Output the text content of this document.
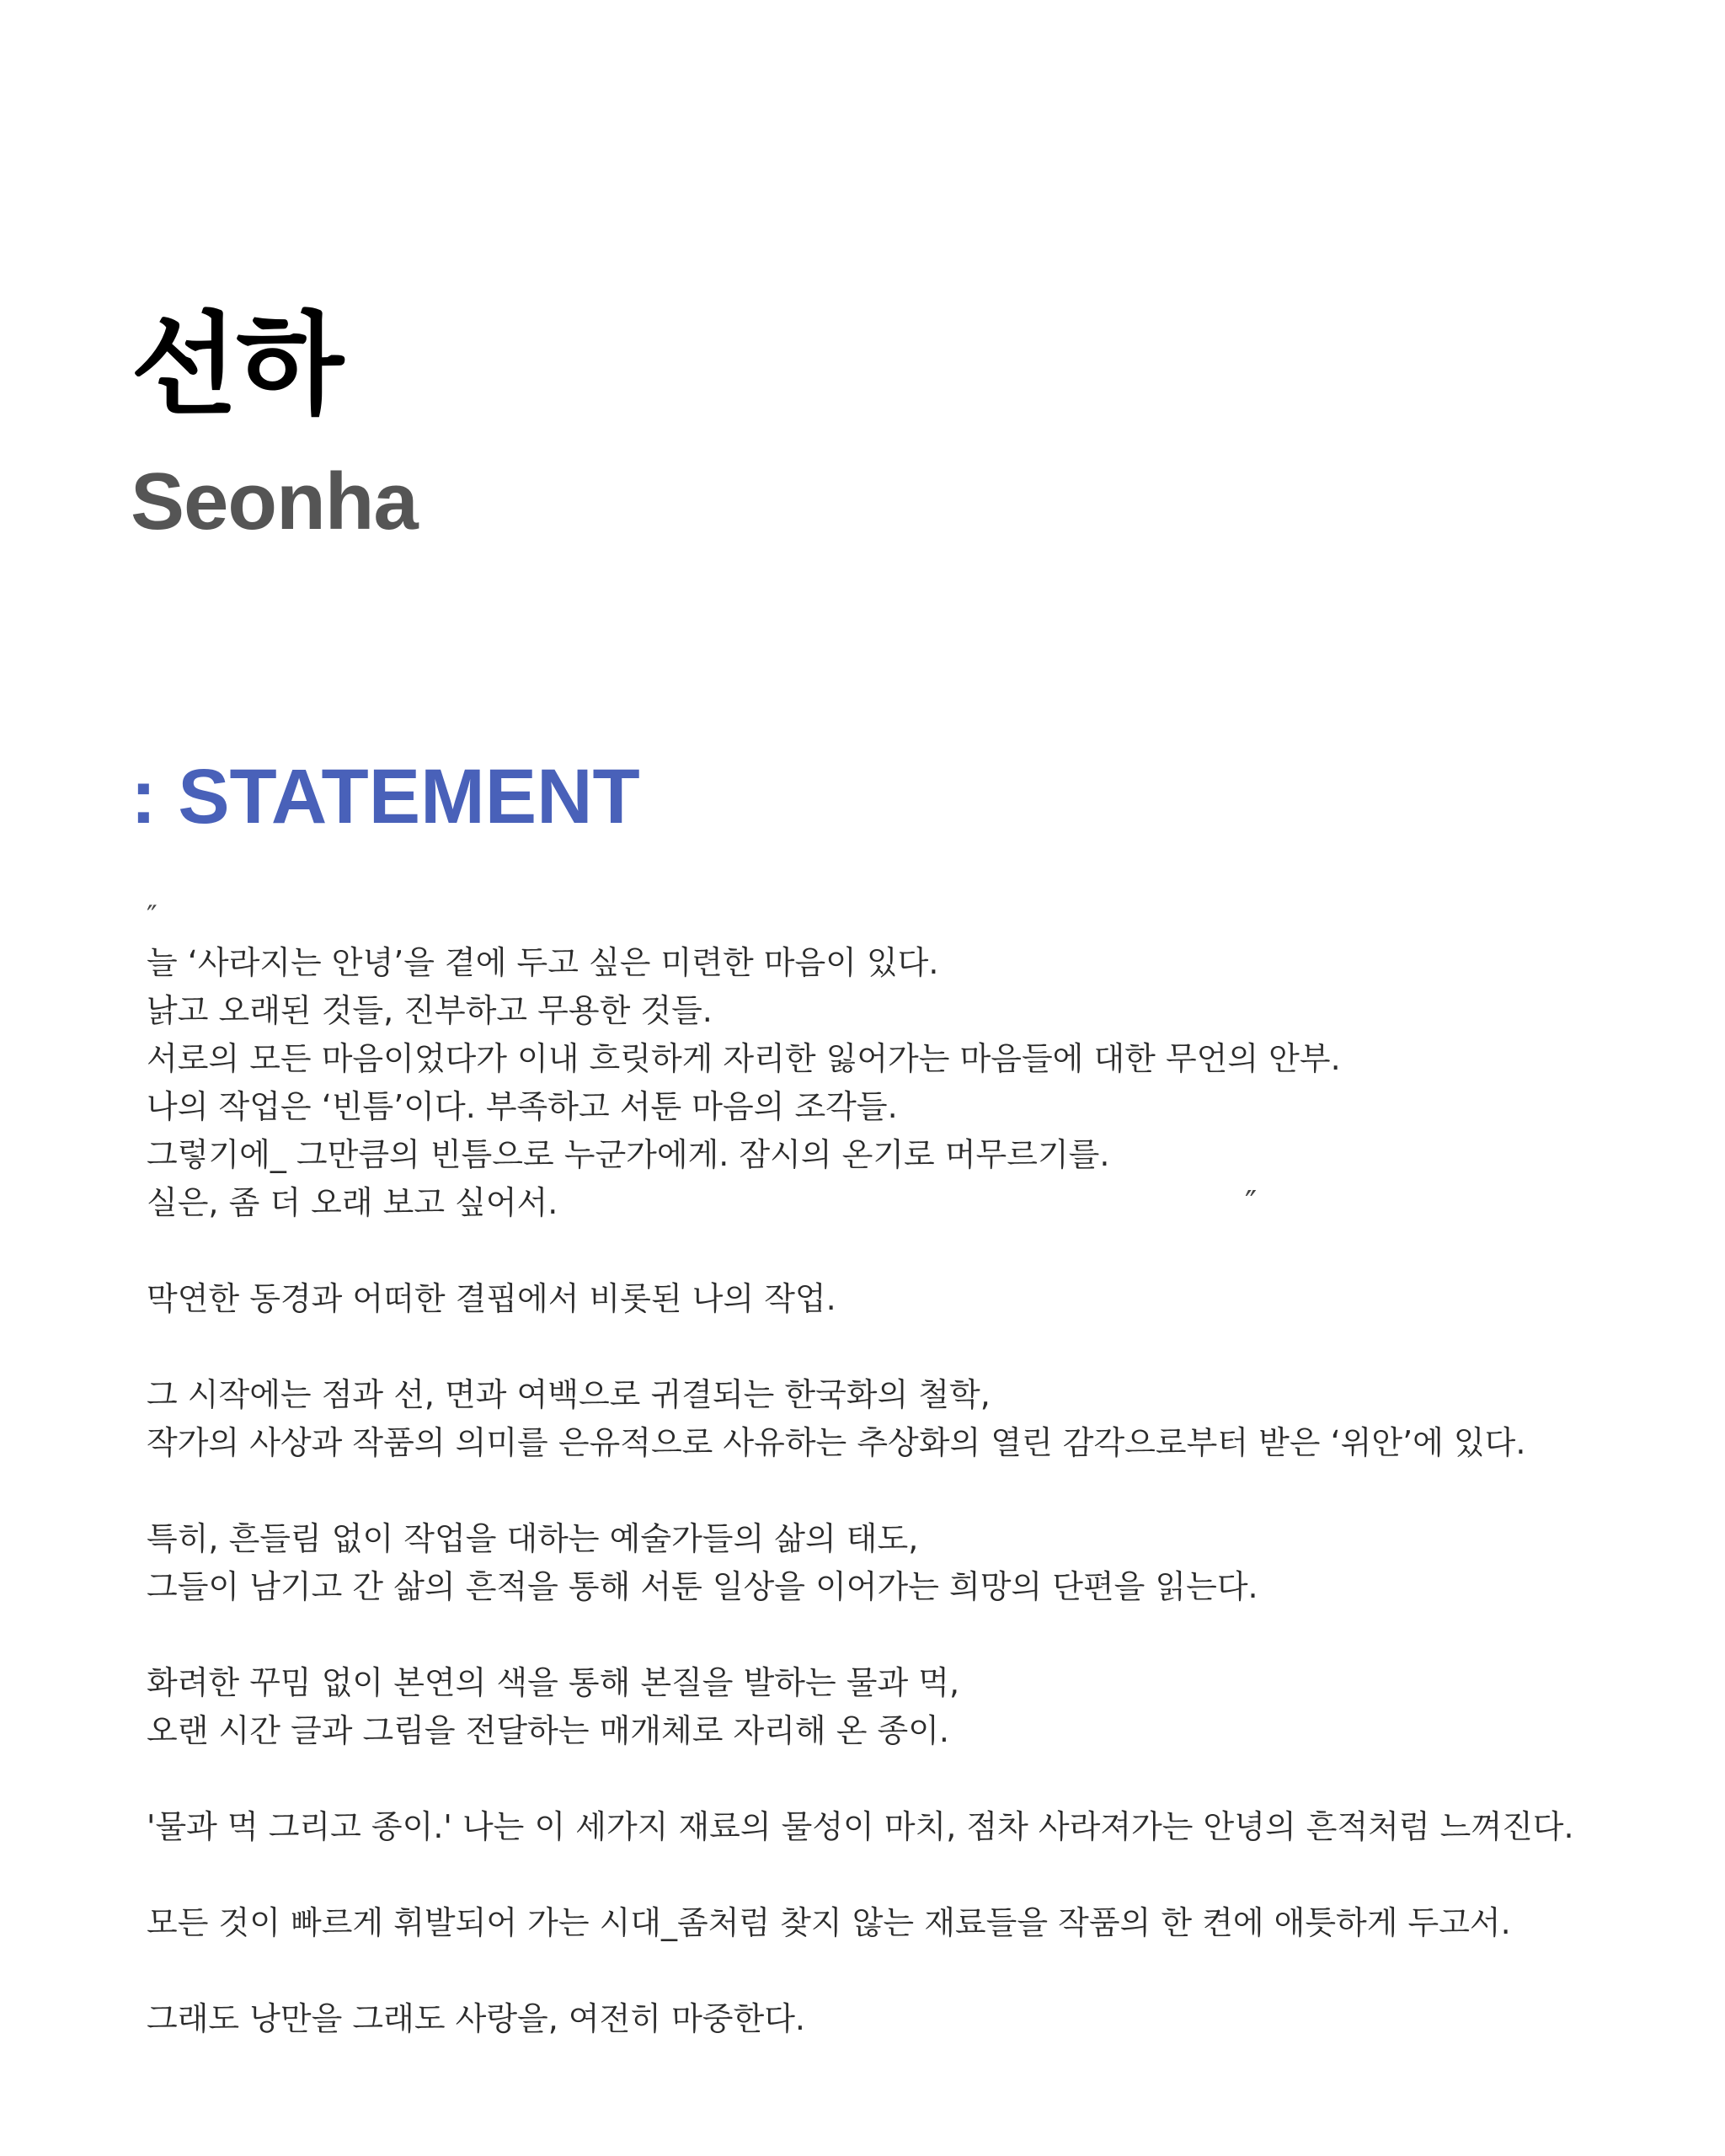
선하
Seonha
: STATEMENT
″
늘 ‘사라지는 안녕’을 곁에 두고 싶은 미련한 마음이 있다.
낡고 오래된 것들, 진부하고 무용한 것들.
서로의 모든 마음이었다가 이내 흐릿하게 자리한 잃어가는 마음들에 대한 무언의 안부.
나의 작업은 ‘빈틈’이다. 부족하고 서툰 마음의 조각들.
그렇기에_ 그만큼의 빈틈으로 누군가에게. 잠시의 온기로 머무르기를.
실은, 좀 더 오래 보고 싶어서.	″
막연한 동경과 어떠한 결핍에서 비롯된 나의 작업.
그 시작에는 점과 선, 면과 여백으로 귀결되는 한국화의 철학,
작가의 사상과 작품의 의미를 은유적으로 사유하는 추상화의 열린 감각으로부터 받은 ‘위안’에 있다.
특히, 흔들림 없이 작업을 대하는 예술가들의 삶의 태도,
그들이 남기고 간 삶의 흔적을 통해 서툰 일상을 이어가는 희망의 단편을 읽는다.
화려한 꾸밈 없이 본연의 색을 통해 본질을 발하는 물과 먹,
오랜 시간 글과 그림을 전달하는 매개체로 자리해 온 종이.
'물과 먹 그리고 종이.' 나는 이 세가지 재료의 물성이 마치, 점차 사라져가는 안녕의 흔적처럼 느껴진다.
모든 것이 빠르게 휘발되어 가는 시대_좀처럼 찾지 않는 재료들을 작품의 한 켠에 애틋하게 두고서.
그래도 낭만을 그래도 사랑을, 여전히 마중한다.
